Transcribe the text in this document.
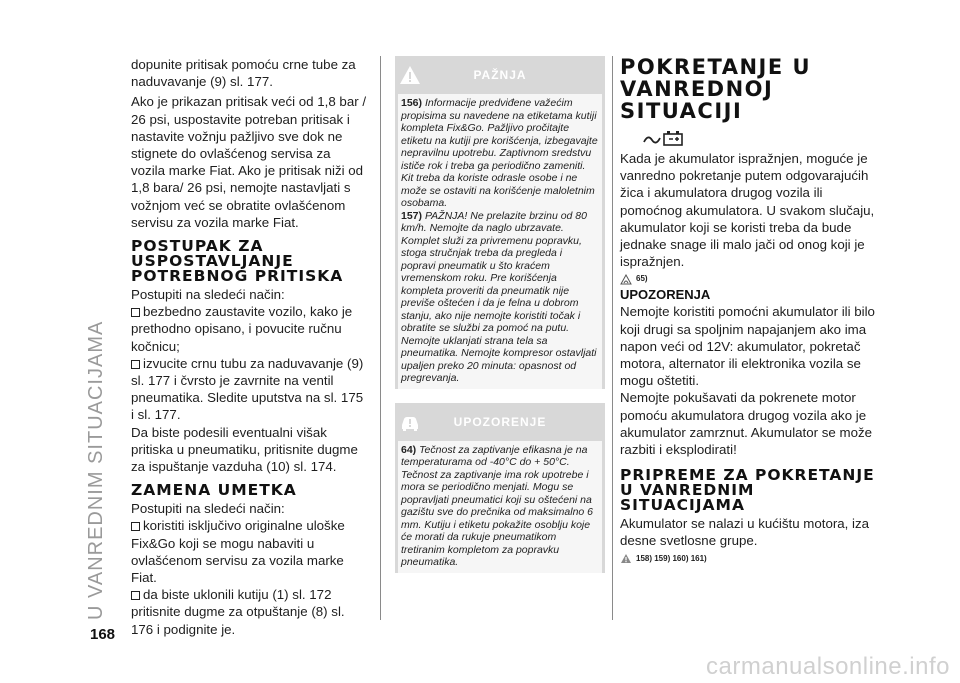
U VANREDNIM SITUACIJAMA
168

dopunite pritisak pomoću crne tube za naduvavanje (9) sl. 177.

Ako je prikazan pritisak veći od 1,8 bar / 26 psi, uspostavite potreban pritisak i nastavite vožnju pažljivo sve dok ne stignete do ovlašćenog servisa za vozila marke Fiat. Ako je pritisak niži od 1,8 bara/ 26 psi, nemojte nastavljati s vožnjom već se obratite ovlašćenom servisu za vozila marke Fiat.

POSTUPAK ZA USPOSTAVLJANJE POTREBNOG PRITISKA

Postupiti na sledeći način:

bezbedno zaustavite vozilo, kako je prethodno opisano, i povucite ručnu kočnicu;

izvucite crnu tubu za naduvavanje (9) sl. 177 i čvrsto je zavrnite na ventil pneumatika. Sledite uputstva na sl. 175 i sl. 177.

Da biste podesili eventualni višak pritiska u pneumatiku, pritisnite dugme za ispuštanje vazduha (10) sl. 174.

ZAMENA UMETKA

Postupiti na sledeći način:

koristiti isključivo originalne uloške Fix&Go koji se mogu nabaviti u ovlašćenom servisu za vozila marke Fiat.

da biste uklonili kutiju (1) sl. 172 pritisnite dugme za otpuštanje (8) sl. 176 i podignite je.

PAŽNJA

156) Informacije predviđene važećim propisima su navedene na etiketama kutiji kompleta Fix&Go. Pažljivo pročitajte etiketu na kutiji pre korišćenja, izbegavajte nepravilnu upotrebu. Zaptivnom sredstvu ističe rok i treba ga periodično zameniti. Kit treba da koriste odrasle osobe i ne može se ostaviti na korišćenje maloletnim osobama.

157) PAŽNJA! Ne prelazite brzinu od 80 km/h. Nemojte da naglo ubrzavate. Komplet služi za privremenu popravku, stoga stručnjak treba da pregleda i popravi pneumatik u što kraćem vremenskom roku. Pre korišćenja kompleta proveriti da pneumatik nije previše oštećen i da je felna u dobrom stanju, ako nije nemojte koristiti točak i obratite se službi za pomoć na putu. Nemojte uklanjati strana tela sa pneumatika. Nemojte kompresor ostavljati upaljen preko 20 minuta: opasnost od pregrevanja.

UPOZORENJE

64) Tečnost za zaptivanje efikasna je na temperaturama od -40°C do + 50°C. Tečnost za zaptivanje ima rok upotrebe i mora se periodično menjati. Mogu se popravljati pneumatici koji su oštećeni na gazištu sve do prečnika od maksimalno 6 mm. Kutiju i etiketu pokažite osoblju koje će morati da rukuje pneumatikom tretiranim kompletom za popravku pneumatika.

POKRETANJE U VANREDNOJ SITUACIJI

Kada je akumulator ispražnjen, moguće je vanredno pokretanje putem odgovarajućih žica i akumulatora drugog vozila ili pomoćnog akumulatora. U svakom slučaju, akumulator koji se koristi treba da bude jednake snage ili malo jači od onog koji je ispražnjen.

65)
UPOZORENJA

Nemojte koristiti pomoćni akumulator ili bilo koji drugi sa spoljnim napajanjem ako ima napon veći od 12V: akumulator, pokretač motora, alternator ili elektronika vozila se mogu oštetiti.

Nemojte pokušavati da pokrenete motor pomoću akumulatora drugog vozila ako je akumulator zamrznut. Akumulator se može razbiti i eksplodirati!

PRIPREME ZA POKRETANJE U VANREDNIM SITUACIJAMA

Akumulator se nalazi u kućištu motora, iza desne svetlosne grupe.

158) 159) 160) 161)
carmanualsonline.info
